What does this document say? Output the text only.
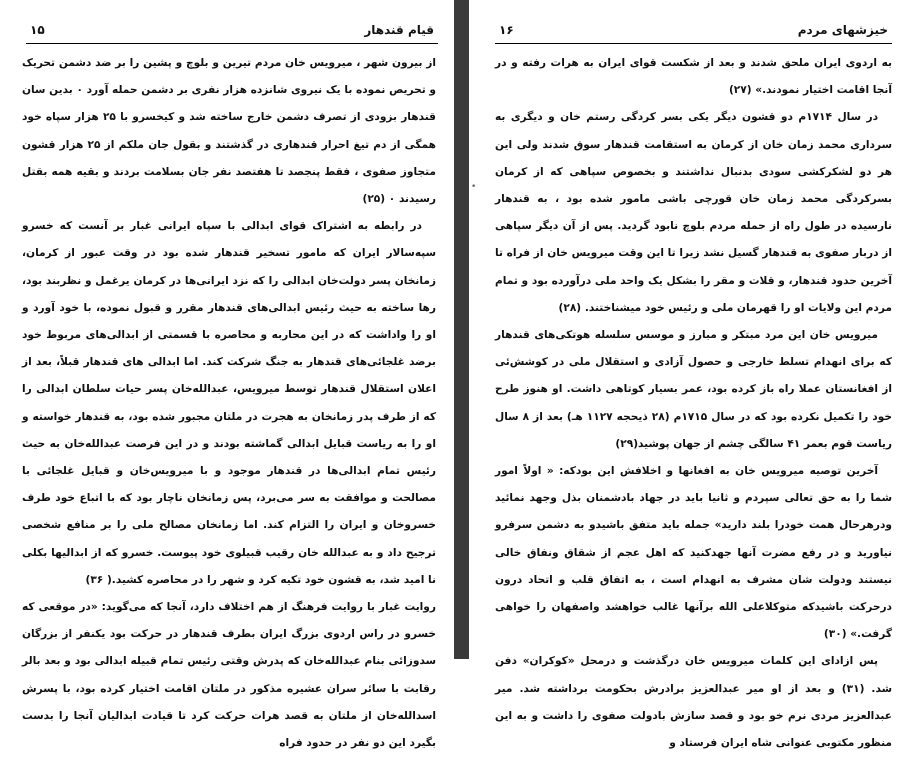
قیام قندهار
۱۵

از بیرون شهر ، میرویس خان مردم تیرین و بلوچ و پشین را بر ضد دشمن تحریک و تحریص نموده با یک نیروی شانزده هزار نفری بر دشمن حمله آورد ٠ بدین سان قندهار بزودی از تصرف دشمن خارج ساخته شد و کیخسرو با ۲۵ هزار سپاه خود همگی از دم تیغ احرار قندهاری در گذشتند و بقول جان ملکم از ۲۵ هزار قشون متجاوز صفوی ، فقط پنجصد تا هفتصد نفر جان بسلامت بردند و بقیه همه بقتل رسیدند ٠ (۲۵)

در رابطه به اشتراک قوای ابدالی با سپاه ایرانی غبار بر آنست که خسرو سپه‌سالار ایران که مامور تسخیر قندهار شده بود در وقت عبور از کرمان، زمانخان پسر دولت‌خان ابدالی را که نزد ایرانی‌ها در کرمان یرغمل و نظربند بود، رها ساخته به حیث رئیس ابدالی‌های قندهار مقرر و قبول نموده، با خود آورد و او را واداشت که در این محاربه و محاصره با قسمتی از ابدالی‌های مربوط خود برضد غلجائی‌های قندهار به جنگ شرکت کند. اما ابدالی های قندهار قبلاً، بعد از اعلان استقلال قندهار توسط میرویس، عبدالله‌خان پسر حیات سلطان ابدالی را که از طرف پدر زمانخان به هجرت در ملتان مجبور شده بود، به قندهار خواسته و او را به ریاست قبایل ابدالی گماشته بودند و در این فرصت عبدالله‌خان به حیث رئیس تمام ابدالی‌ها در قندهار موجود و با میرویس‌خان و قبایل غلجائی با مصالحت و موافقت به سر می‌برد، پس زمانخان ناچار بود که با اتباع خود طرف خسروخان و ایران را التزام کند. اما زمانخان مصالح ملی را بر منافع شخصی ترجیح داد و به عبدالله خان رقیب قبیلوی خود پیوست. خسرو که از ابدالیها بکلی نا امید شد، به قشون خود تکیه کرد و شهر را در محاصره کشید.( ۳۶)

روایت غبار با روایت فرهنگ از هم اختلاف دارد، آنجا که می‌گوید: «در موقعی که خسرو در راس اردوی بزرگ ایران بطرف قندهار در حرکت بود یکنفر از بزرگان سدوزائی بنام عبدالله‌خان که پدرش وقتی رئیس تمام قبیله ابدالی بود و بعد بالر رقابت با سائر سران عشیره مذکور در ملتان اقامت اختیار کرده بود، با پسرش اسدالله‌خان از ملتان به قصد هرات حرکت کرد تا قیادت ابدالیان آنجا را بدست بگیرد این دو نفر در حدود فراه

خیزشهای مردم
۱۶

به اردوی ایران ملحق شدند و بعد از شکست قوای ایران به هرات رفته و در آنجا اقامت اختیار نمودند.» (۲۷)

در سال ۱۷۱۴م دو قشون دیگر یکی بسر کردگی رستم خان و دیگری به سرداری محمد زمان خان از کرمان به استقامت قندهار سوق شدند ولی این هر دو لشکرکشی سودی بدنبال نداشتند و بخصوص سپاهی که از کرمان بسرکردگی محمد زمان خان قورچی باشی مامور شده بود ، به قندهار نارسیده در طول راه از حمله مردم بلوچ نابود گردید. پس از آن دیگر سپاهی از دربار صفوی به قندهار گسیل نشد زیرا تا این وقت میرویس خان از فراه تا آخرین حدود قندهار، و قلات و مقر را بشکل یک واحد ملی درآورده بود و تمام مردم این ولایات او را قهرمان ملی و رئیس خود میشناختند. (۲۸)

میرویس خان این مرد مبتکر و مبارز و موسس سلسله هوتکی‌های قندهار که برای انهدام تسلط خارجی و حصول آزادی و استقلال ملی در کوشش‌ئی از افغانستان عملا راه باز کرده بود، عمر بسیار کوتاهی داشت. او هنوز طرح خود را تکمیل نکرده بود که در سال ۱۷۱۵م (۲۸ ذیحجه ۱۱۲۷ هـ) بعد از ۸ سال ریاست قوم بعمر ۴۱ سالگی چشم از جهان پوشید(۲۹)

آخرین توصیه میرویس خان به افغانها و اخلافش این بودکه: « اولاً امور شما را به حق تعالی سپردم و ثانیا باید در جهاد بادشمنان بذل وجهد نمائید ودرهرحال همت خودرا بلند دارید» جمله باید متفق باشیدو به دشمن سرفرو نیاورید و در رفع مضرت آنها جهدکنید که اهل عجم از شقاق ونفاق خالی نیستند ودولت شان مشرف به انهدام است ، به اتفاق قلب و اتحاد درون درحرکت باشیدکه متوکلاعلی الله برآنها غالب خواهشد واصفهان را خواهی گرفت.» (۳۰)

پس ازادای این کلمات میرویس خان درگذشت و درمحل «کوکران» دفن شد. (۳۱) و بعد از او میر عبدالعزیز برادرش بحکومت برداشته شد. میر عبدالعزیز مردی نرم خو بود و قصد سازش بادولت صفوی را داشت و به این منظور مکتوبی عنوانی شاه ایران فرستاد و

•
